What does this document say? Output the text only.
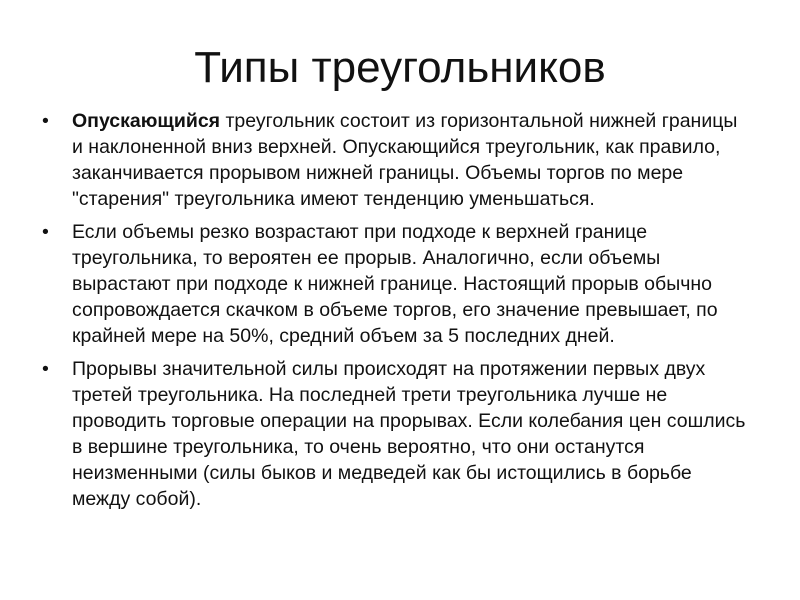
Типы треугольников
•	Опускающийся треугольник состоит из горизонтальной нижней границы и наклоненной вниз верхней. Опускающийся треугольник, как правило, заканчивается прорывом нижней границы. Объемы торгов по мере "старения" треугольника имеют тенденцию уменьшаться.
•	Если объемы резко возрастают при подходе к верхней границе треугольника, то вероятен ее прорыв. Аналогично, если объемы вырастают при подходе к нижней границе. Настоящий прорыв обычно сопровождается скачком в объеме торгов, его значение превышает, по крайней мере на 50%, средний объем за 5 последних дней.
•	Прорывы значительной силы происходят на протяжении первых двух третей треугольника. На последней трети треугольника лучше не проводить торговые операции на прорывах. Если колебания цен сошлись в вершине треугольника, то очень вероятно, что они останутся неизменными (силы быков и медведей как бы истощились в борьбе между собой).
